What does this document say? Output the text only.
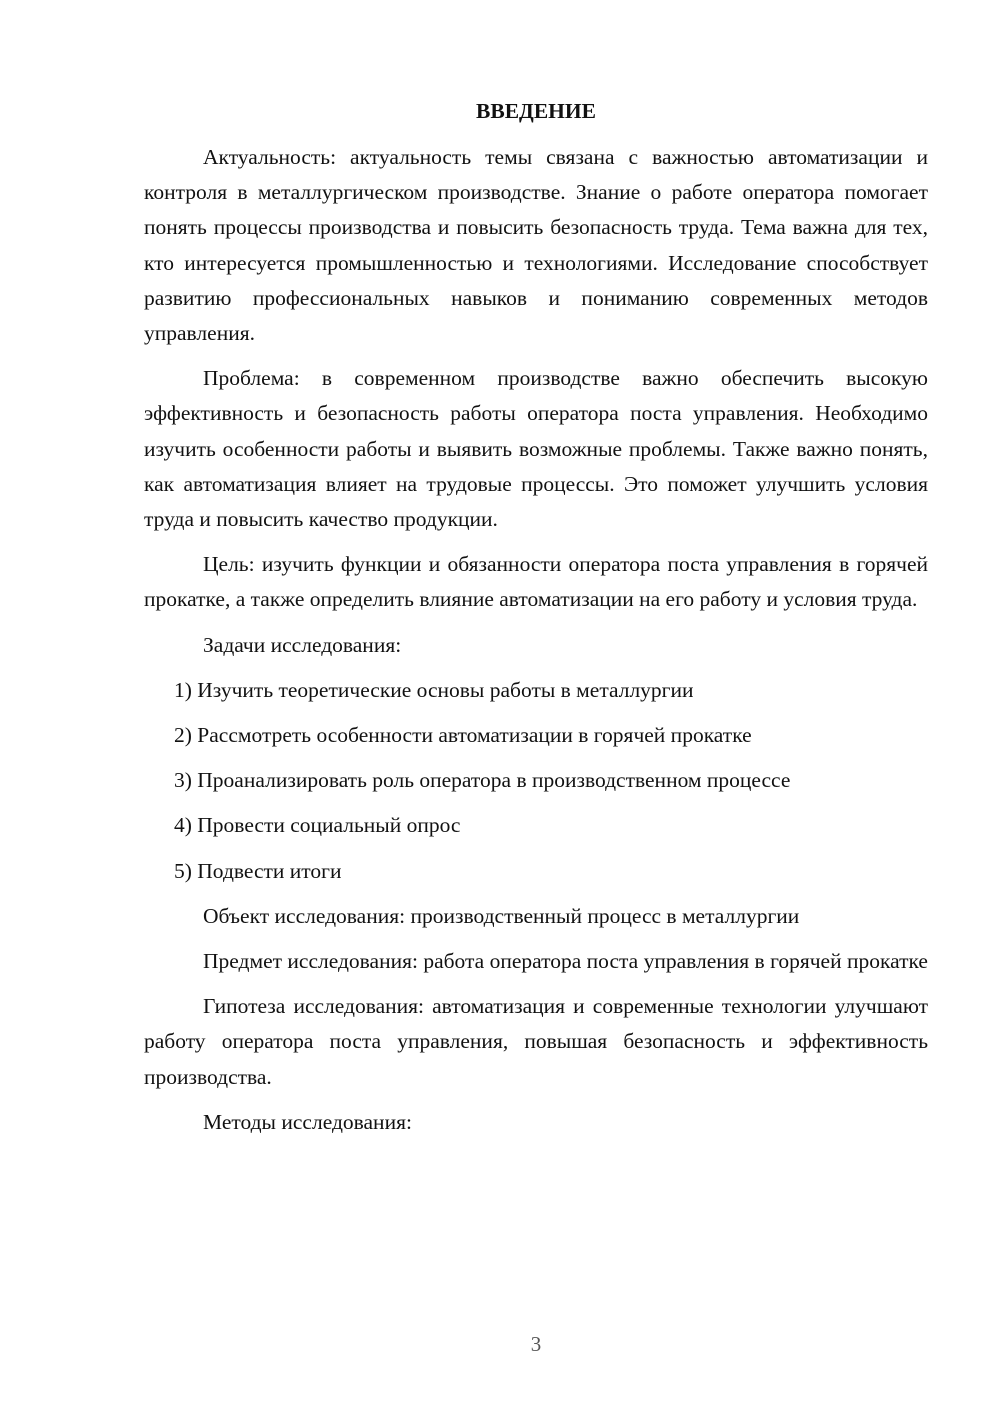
ВВЕДЕНИЕ

Актуальность: актуальность темы связана с важностью автоматизации и контроля в металлургическом производстве. Знание о работе оператора помогает понять процессы производства и повысить безопасность труда. Тема важна для тех, кто интересуется промышленностью и технологиями. Исследование способствует развитию профессиональных навыков и пониманию современных методов управления.

Проблема: в современном производстве важно обеспечить высокую эффективность и безопасность работы оператора поста управления. Необходимо изучить особенности работы и выявить возможные проблемы. Также важно понять, как автоматизация влияет на трудовые процессы. Это поможет улучшить условия труда и повысить качество продукции.

Цель: изучить функции и обязанности оператора поста управления в горячей прокатке, а также определить влияние автоматизации на его работу и условия труда.

Задачи исследования:

1) Изучить теоретические основы работы в металлургии
2) Рассмотреть особенности автоматизации в горячей прокатке
3) Проанализировать роль оператора в производственном процессе
4) Провести социальный опрос
5) Подвести итоги

Объект исследования: производственный процесс в металлургии

Предмет исследования: работа оператора поста управления в горячей прокатке

Гипотеза исследования: автоматизация и современные технологии улучшают работу оператора поста управления, повышая безопасность и эффективность производства.

Методы исследования:

3
